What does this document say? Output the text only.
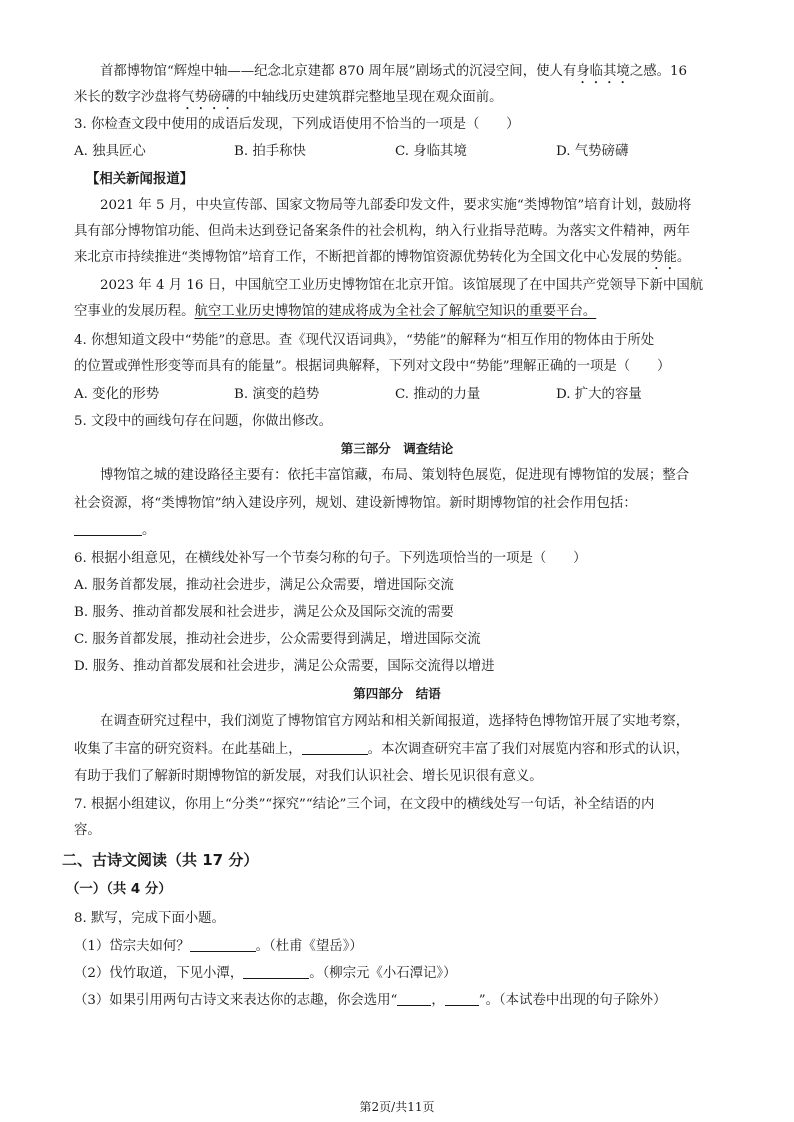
首都博物馆“辉煌中轴——纪念北京建都 870 周年展”剧场式的沉浸空间，使人有身临其境之感。16
米长的数字沙盘将气势磅礴的中轴线历史建筑群完整地呈现在观众面前。
3. 你检查文段中使用的成语后发现，下列成语使用不恰当的一项是（　　）
A. 独具匠心	B. 拍手称快	C. 身临其境	D. 气势磅礴
【相关新闻报道】
2021 年 5 月，中央宣传部、国家文物局等九部委印发文件，要求实施“类博物馆”培育计划，鼓励将
具有部分博物馆功能、但尚未达到登记备案条件的社会机构，纳入行业指导范畴。为落实文件精神，两年
来北京市持续推进“类博物馆”培育工作，不断把首都的博物馆资源优势转化为全国文化中心发展的势能。
2023 年 4 月 16 日，中国航空工业历史博物馆在北京开馆。该馆展现了在中国共产党领导下新中国航
空事业的发展历程。航空工业历史博物馆的建成将成为全社会了解航空知识的重要平台。
4. 你想知道文段中“势能”的意思。查《现代汉语词典》，“势能”的解释为“相互作用的物体由于所处
的位置或弹性形变等而具有的能量”。根据词典解释，下列对文段中“势能”理解正确的一项是（　　）
A. 变化的形势	B. 演变的趋势	C. 推动的力量	D. 扩大的容量
5. 文段中的画线句存在问题，你做出修改。
第三部分　调查结论
博物馆之城的建设路径主要有：依托丰富馆藏，布局、策划特色展览，促进现有博物馆的发展；整合
社会资源，将“类博物馆”纳入建设序列，规划、建设新博物馆。新时期博物馆的社会作用包括：
。
6. 根据小组意见，在横线处补写一个节奏匀称的句子。下列选项恰当的一项是（　　）
A. 服务首都发展，推动社会进步，满足公众需要，增进国际交流
B. 服务、推动首都发展和社会进步，满足公众及国际交流的需要
C. 服务首都发展，推动社会进步，公众需要得到满足，增进国际交流
D. 服务、推动首都发展和社会进步，满足公众需要，国际交流得以增进
第四部分　结语
在调查研究过程中，我们浏览了博物馆官方网站和相关新闻报道，选择特色博物馆开展了实地考察，
收集了丰富的研究资料。在此基础上，	。本次调查研究丰富了我们对展览内容和形式的认识，
有助于我们了解新时期博物馆的新发展，对我们认识社会、增长见识很有意义。
7. 根据小组建议，你用上“分类”“探究”“结论”三个词，在文段中的横线处写一句话，补全结语的内
容。
二、古诗文阅读（共 17 分）
（一）（共 4 分）
8. 默写，完成下面小题。
（1）岱宗夫如何？	。（杜甫《望岳》）
（2）伐竹取道，下见小潭，	。（柳宗元《小石潭记》）
（3）如果引用两句古诗文来表达你的志趣，你会选用“	，	”。（本试卷中出现的句子除外）
第2页/共11页
